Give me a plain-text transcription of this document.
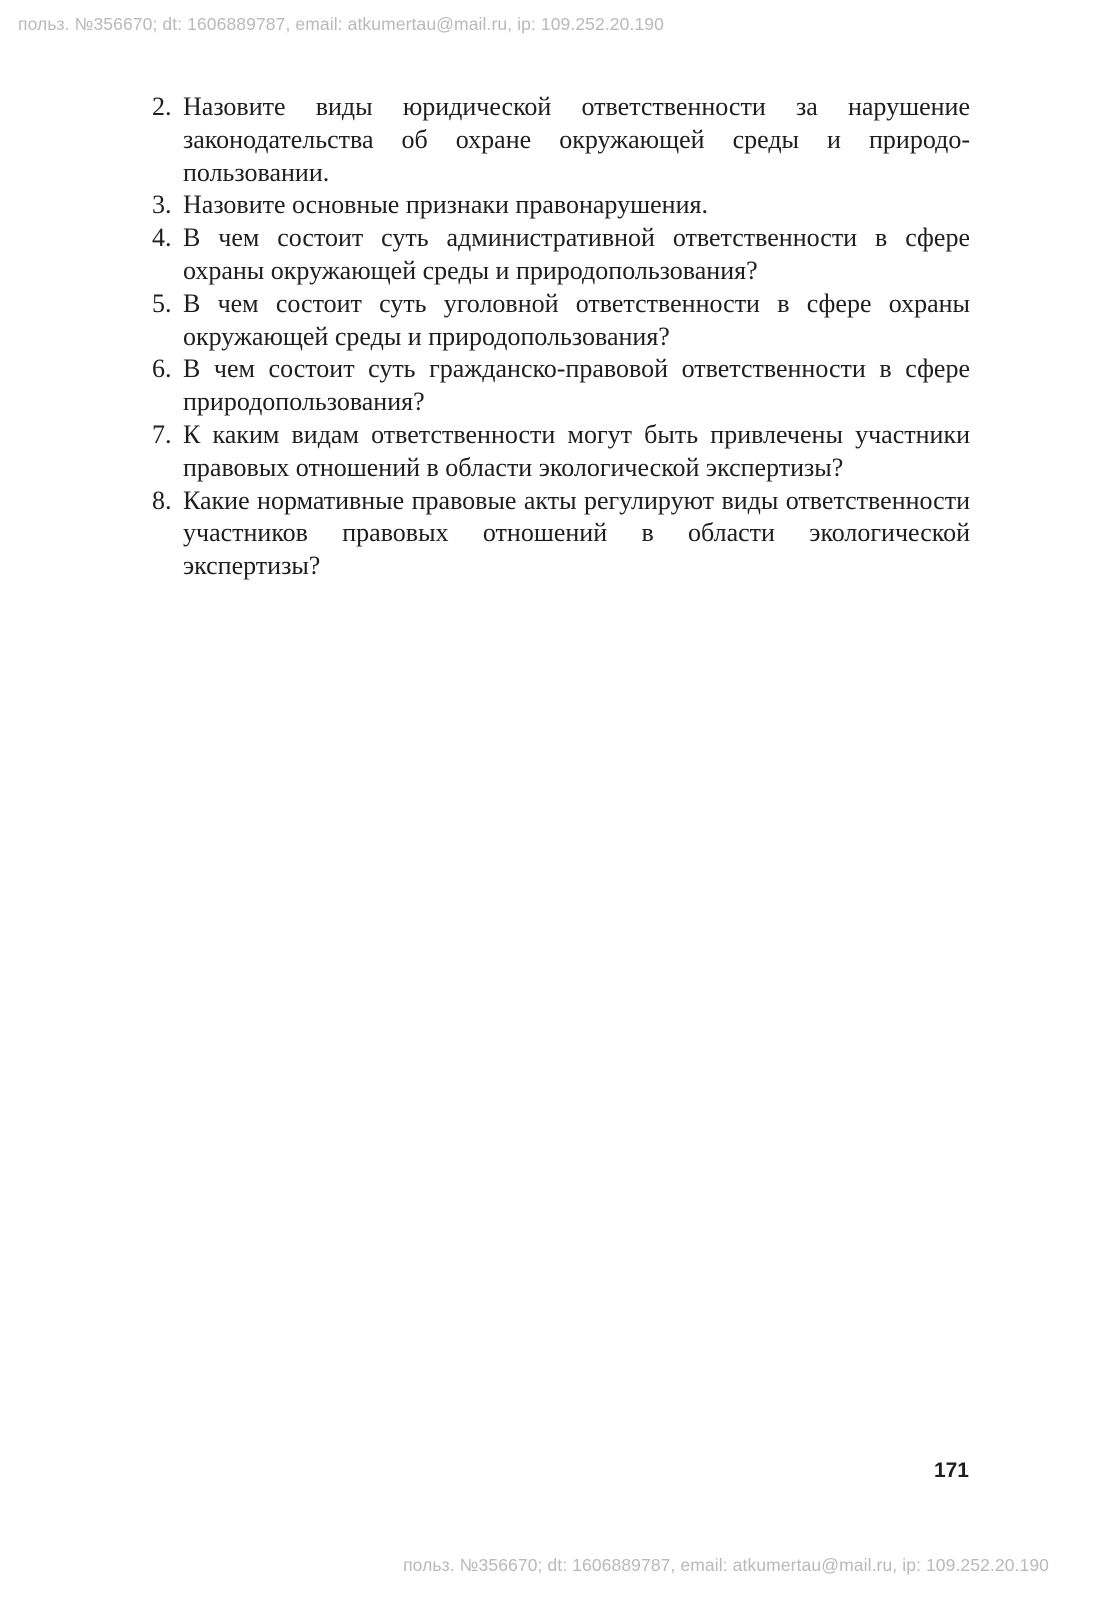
польз. №356670; dt: 1606889787, email: atkumertau@mail.ru, ip: 109.252.20.190
2. Назовите виды юридической ответственности за нарушение законодательства об охране окружающей среды и природопользовании.
3. Назовите основные признаки правонарушения.
4. В чем состоит суть административной ответственности в сфере охраны окружающей среды и природопользования?
5. В чем состоит суть уголовной ответственности в сфере охраны окружающей среды и природопользования?
6. В чем состоит суть гражданско-правовой ответственности в сфере природопользования?
7. К каким видам ответственности могут быть привлечены участники правовых отношений в области экологической экспертизы?
8. Какие нормативные правовые акты регулируют виды ответственности участников правовых отношений в области экологической экспертизы?
171
польз. №356670; dt: 1606889787, email: atkumertau@mail.ru, ip: 109.252.20.190
